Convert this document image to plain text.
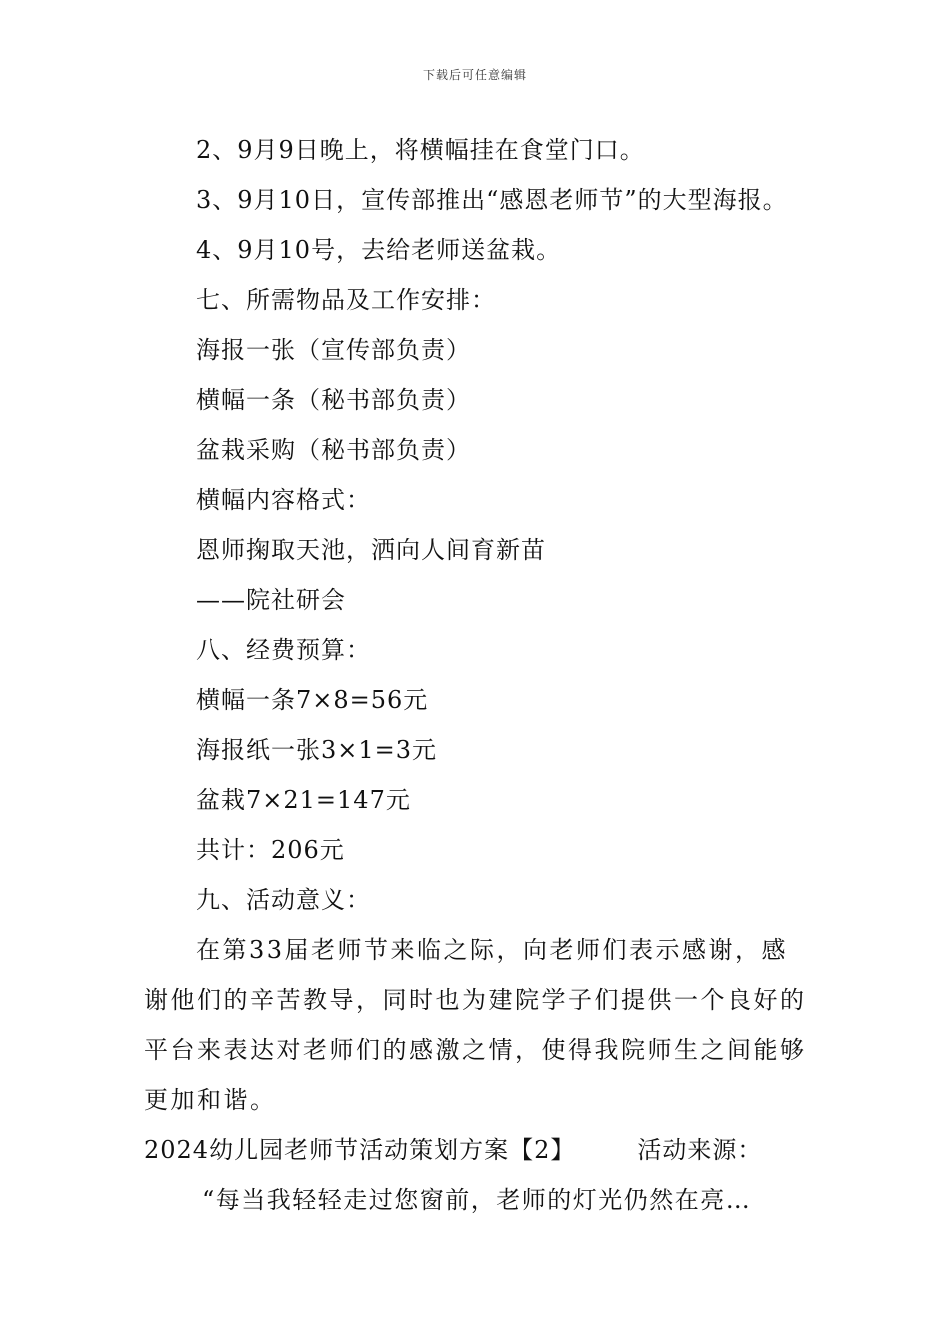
下载后可任意编辑
2、9月9日晚上，将横幅挂在食堂门口。
3、9月10日，宣传部推出“感恩老师节”的大型海报。
4、9月10号，去给老师送盆栽。
七、所需物品及工作安排：
海报一张（宣传部负责）
横幅一条（秘书部负责）
盆栽采购（秘书部负责）
横幅内容格式：
恩师掬取天池，洒向人间育新苗
——院社研会
八、经费预算：
横幅一条7×8=56元
海报纸一张3×1=3元
盆栽7×21=147元
共计：206元
九、活动意义：

在第33届老师节来临之际，向老师们表示感谢，感谢他们的辛苦教导，同时也为建院学子们提供一个良好的平台来表达对老师们的感激之情，使得我院师生之间能够更加和谐。

2024幼儿园老师节活动策划方案【2】	活动来源：
“每当我轻轻走过您窗前，老师的灯光仍然在亮…
